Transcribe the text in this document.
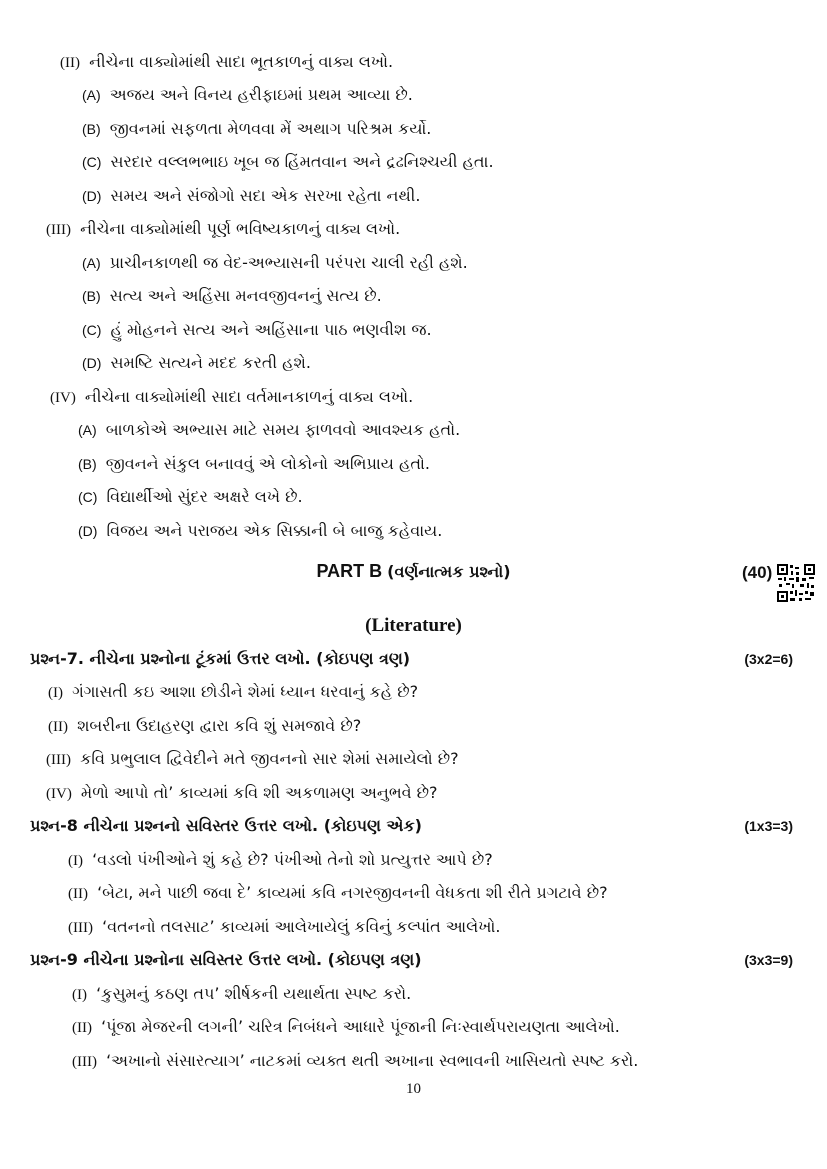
(II) નીચેના વાક્યોમાંથી સાદા ભૂતકાળનું વાક્ય લખો.
(A) અજય અને વિનય હરીફાઇમાં પ્રથમ આવ્યા છે.
(B) જીવનમાં સફળતા મેળવવા મેં અથાગ પરિશ્રમ કર્યો.
(C) સરદાર વલ્લભભાઇ ખૂબ જ હિંમતવાન અને દ્રઢનિશ્ચયી હતા.
(D) સમય અને સંજોગો સદા એક સરખા રહેતા નથી.
(III) નીચેના વાક્યોમાંથી પૂર્ણ ભવિષ્યકાળનું વાક્ય લખો.
(A) પ્રાચીનકાળથી જ વેદ-અભ્યાસની પરંપરા ચાલી રહી હશે.
(B) સત્ય અને અહિંસા મનવજીવનનું સત્ય છે.
(C) હું મોહનને સત્ય અને અહિંસાના પાઠ ભણવીશ જ.
(D) સમષ્ટિ સત્યને મદદ કરતી હશે.
(IV) નીચેના વાક્યોમાંથી સાદા વર્તમાનકાળનું વાક્ય લખો.
(A) બાળકોએ અભ્યાસ માટે સમય ફાળવવો આવશ્યક હતો.
(B) જીવનને સંકુલ બનાવવું એ લોકોનો અભિપ્રાય હતો.
(C) વિદ્યાર્થીઓ સુંદર અક્ષરે લખે છે.
(D) વિજય અને પરાજય એક સિક્કાની બે બાજુ કહેવાય.
PART B (વર્ણનાત્મક પ્રશ્નો)	(40)
(Literature)
પ્રશ્ન-7. નીચેના પ્રશ્નોના ટૂંકમાં ઉત્તર લખો. (કોઇપણ ત્રણ)	(3x2=6)
(I) ગંગાસતી કઇ આશા છોડીને શેમાં ધ્યાન ધરવાનું કહે છે?
(II) શબરીના ઉદાહરણ દ્વારા કવિ શું સમજાવે છે?
(III) કવિ પ્રભુલાલ દ્વિવેદીને મતે જીવનનો સાર શેમાં સમાયેલો છે?
(IV) મેળો આપો તો’ કાવ્યમાં કવિ શી અકળામણ અનુભવે છે?
પ્રશ્ન-8 નીચેના પ્રશ્નનો સવિસ્તર ઉત્તર લખો. (કોઇપણ એક)	(1x3=3)
(I) ‘વડલો પંખીઓને શું કહે છે? પંખીઓ તેનો શો પ્રત્યુત્તર આપે છે?
(II) ‘બેટા, મને પાછી જવા દે’ કાવ્યમાં કવિ નગરજીવનની વેધકતા શી રીતે પ્રગટાવે છે?
(III) ‘વતનનો તલસાટ’ કાવ્યમાં આલેખાયેલું કવિનું કલ્પાંત આલેખો.
પ્રશ્ન-9 નીચેના પ્રશ્નોના સવિસ્તર ઉત્તર લખો. (કોઇપણ ત્રણ)	(3x3=9)
(I) ‘કુસુમનું કઠણ તપ’ શીર્ષકની યથાર્થતા સ્પષ્ટ કરો.
(II) ‘પૂંજા મેજરની લગની’ ચરિત્ર નિબંધને આધારે પૂંજાની નિઃસ્વાર્થપરાયણતા આલેખો.
(III) ‘અખાનો સંસારત્યાગ’ નાટકમાં વ્યક્ત થતી અખાના સ્વભાવની ખાસિયતો સ્પષ્ટ કરો.
10
